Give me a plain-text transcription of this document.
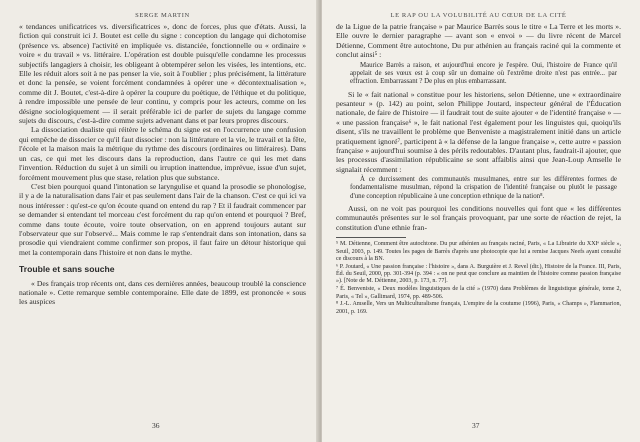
SERGE MARTIN

« tendances unificatrices vs. diversificatrices », donc de forces, plus que d'états. Aussi, la fiction qui construit ici J. Boutet est celle du signe : conception du langage qui dichotomise (présence vs. absence) l'activité en impliquée vs. distanciée, fonctionnelle ou « ordinaire » voire « du travail » vs. littéraire. L'opération est double puisqu'elle condamne les processus subjectifs langagiers à choisir, les obligeant à obtempérer selon les visées, les intentions, etc. Elle les réduit alors soit à ne pas penser la vie, soit à l'oublier ; plus précisément, la littérature et donc la pensée, se voient forcément condamnées à opérer une « décontextualisation », comme dit J. Boutet, c'est-à-dire à opérer la coupure du poétique, de l'éthique et du politique, à rendre impossible une pensée de leur continu, y compris pour les acteurs, comme on les désigne sociologiquement — il serait préférable ici de parler de sujets du langage comme sujets du discours, c'est-à-dire comme sujets advenant dans et par leurs propres discours.

La dissociation dualiste qui réitère le schéma du signe est en l'occurrence une confusion qui empêche de dissocier ce qu'il faut dissocier : non la littérature et la vie, le travail et la fête, l'école et la maison mais la métrique du rythme des discours (ordinaires ou littéraires). Dans un cas, ce qui met les discours dans la reproduction, dans l'autre ce qui les met dans l'invention. Réduction du sujet à un simili ou irruption inattendue, imprévue, issue d'un sujet, forcément mouvement plus que stase, relation plus que substance.

C'est bien pourquoi quand l'intonation se laryngulise et quand la prosodie se phonologise, il y a de la naturalisation dans l'air et pas seulement dans l'air de la chanson. C'est ce qui ici va nous intéresser : qu'est-ce qu'on écoute quand on entend du rap ? Et il faudrait commencer par se demander si entendant tel morceau c'est forcément du rap qu'on entend et pourquoi ? Bref, comme dans toute écoute, voire toute observation, on en apprend toujours autant sur l'observateur que sur l'observé... Mais comme le rap s'entendrait dans son intonation, dans sa prosodie qui viendraient comme confirmer son propos, il faut faire un détour historique qui met la contemporain dans l'histoire et non dans le mythe.

Trouble et sans souche

« Des français trop récents ont, dans ces dernières années, beaucoup troublé la conscience nationale ». Cette remarque semble contemporaine. Elle date de 1899, est prononcée « sous les auspices

36
LE RAP OU LA VOLUBILITÉ AU CŒUR DE LA CITÉ

de la Ligue de la patrie française » par Maurice Barrès sous le titre « La Terre et les morts ». Elle ouvre le dernier paragraphe — avant son « envoi » — du livre récent de Marcel Détienne, Comment être autochtone, Du pur athénien au français raciné qui la commente et conclut ainsi⁵ :

Maurice Barrès a raison, et aujourd'hui encore je l'espère. Oui, l'histoire de France qu'il appelait de ses vœux est à coup sûr un domaine où l'extrême droite n'est pas entrée... par effraction. Embarrassant ? De plus en plus embarrassant.

Si le « fait national » constitue pour les historiens, selon Détienne, une « extraordinaire pesanteur » (p. 142) au point, selon Philippe Joutard, inspecteur général de l'Éducation nationale, de faire de l'histoire — il faudrait tout de suite ajouter « de l'identité française » — « une passion française⁶ », le fait national l'est également pour les linguistes qui, quoiqu'ils disent, s'ils ne travaillent le problème que Benveniste a magistralement initié dans un article pratiquement ignoré⁷, participent à « la défense de la langue française », cette autre « passion française » aujourd'hui soumise à des périls redoutables. D'autant plus, faudrait-il ajouter, que les processus d'assimilation républicaine se sont affaiblis ainsi que Jean-Loup Amselle le signalait récemment :

À ce durcissement des communautés musulmanes, entre sur les différentes formes de fondamentalisme musulman, répond la crispation de l'identité française ou plutôt le passage d'une conception républicaine à une conception ethnique de la nation⁸.

Aussi, on ne voit pas pourquoi les conditions nouvelles qui font que « les différentes communautés présentes sur le sol français provoquant, par une sorte de réaction de rejet, la constitution d'une ethnie fran-

⁵ M. Détienne, Comment être autochtone. Du pur athénien au français raciné, Paris, « La Librairie du XXIᵉ siècle », Seuil, 2003, p. 149. Toutes les pages de Barrès d'après une photocopie que lui a remise Jacques Neefs ayant consulté ce discours à la BN.

⁶ P. Joutard, « Une passion française : l'histoire », dans A. Burguière et J. Revel (dir.), Histoire de la France. III, Paris, Éd. du Seuil, 2000, pp. 301-394 (p. 394 : « on ne peut que conclure au maintien de l'histoire comme passion française »). [Note de M. Détienne, 2003, p. 173, n. 77].

⁷ É. Benveniste, « Deux modèles linguistiques de la cité » (1970) dans Problèmes de linguistique générale, tome 2, Paris, « Tel », Gallimard, 1974, pp. 489-506.

⁸ J.-L. Amselle, Vers un Multiculturalisme français, L'empire de la coutume (1996), Paris, « Champs », Flammarion, 2001, p. 169.

37
